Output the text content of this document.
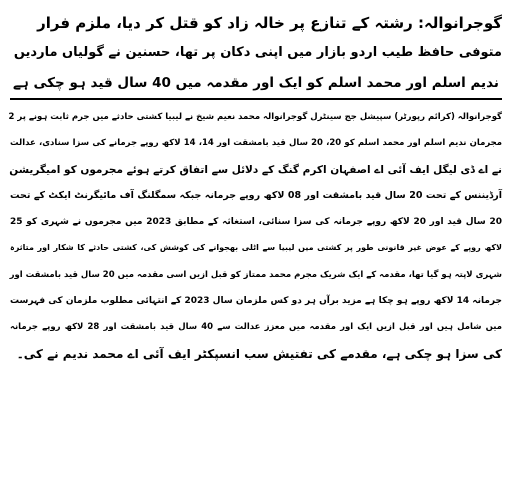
گوجرانوالہ: رشتہ کے تنازع پر خالہ زاد کو قتل کر دیا، ملزم فرار

متوفی حافظ طیب اردو بازار میں اپنی دکان پر تھا، حسنین نے گولیاں ماردیں

ندیم اسلم اور محمد اسلم کو ایک اور مقدمہ میں 40 سال قید ہو چکی ہے

گوجرانوالہ (کرائم رپورٹر) سپیشل جج سینٹرل گوجرانوالہ محمد نعیم شیخ نے لیبیا کشتی حادثے میں جرم ثابت ہونے پر 2
مجرمان ندیم اسلم اور محمد اسلم کو 20، 20 سال قید بامشقت اور 14، 14 لاکھ روپے جرمانے کی سزا سنادی، عدالت
نے اے ڈی لیگل ایف آئی اے اصفہان اکرم گنگ کے دلائل سے اتفاق کرتے ہوئے مجرموں کو امیگریشن
آرڈیننس کے تحت 20 سال قید بامشقت اور 08 لاکھ روپے جرمانہ جبکہ سمگلنگ آف مائیگرنٹ ایکٹ کے تحت
20 سال قید اور 20 لاکھ روپے جرمانہ کی سزا سنائی، استغاثہ کے مطابق 2023 میں مجرموں نے شہری کو 25
لاکھ روپے کے عوض غیر قانونی طور پر کشتی میں لیبیا سے اٹلی بھجوانے کی کوشش کی، کشتی حادثے کا شکار اور متاثرہ
شہری لاپتہ ہو گیا تھا، مقدمہ کے ایک شریک مجرم محمد ممتاز کو قبل ازیں اسی مقدمہ میں 20 سال قید بامشقت اور
جرمانہ 14 لاکھ روپے ہو چکا ہے مزید برآں ہر دو کس ملزمان سال 2023 کے انتہائی مطلوب ملزمان کی فہرست
میں شامل ہیں اور قبل ازیں ایک اور مقدمہ میں معزز عدالت سے 40 سال قید بامشقت اور 28 لاکھ روپے جرمانہ
کی سزا ہو چکی ہے، مقدمے کی تفتیش سب انسپکٹر ایف آئی اے محمد ندیم نے کی۔
